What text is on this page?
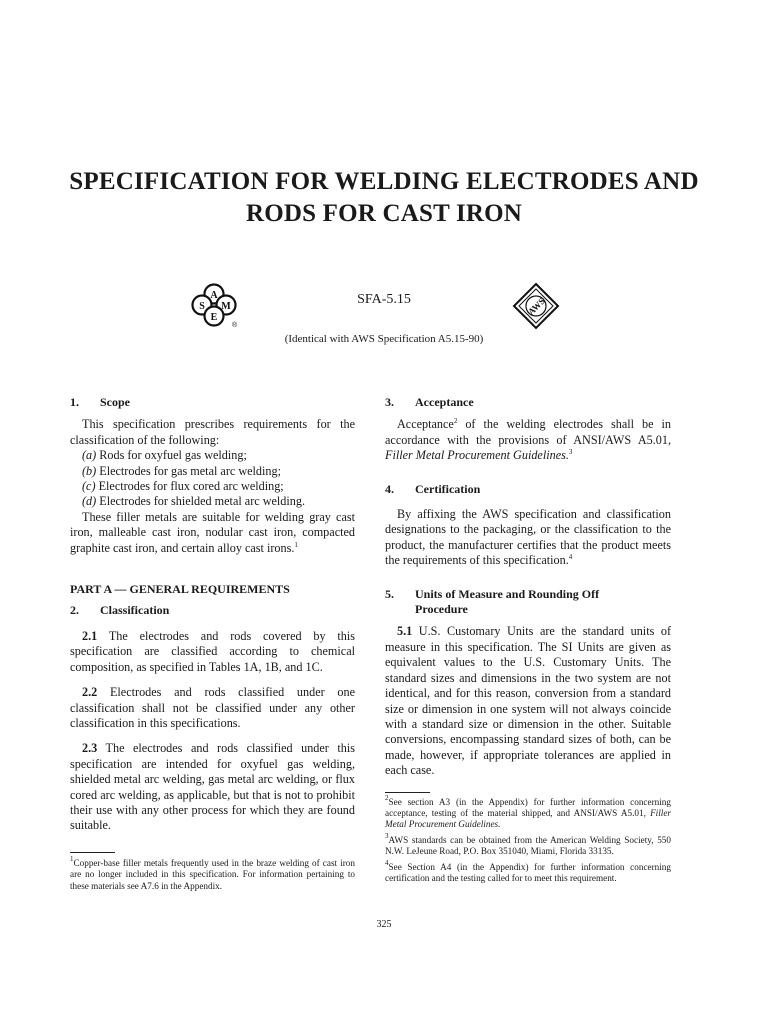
SPECIFICATION FOR WELDING ELECTRODES AND
RODS FOR CAST IRON
A
S M
E
®
SFA-5.15	AWS
(Identical with AWS Specification A5.15-90)
1.	Scope

This specification prescribes requirements for the classification of the following:

(a) Rods for oxyfuel gas welding;
(b) Electrodes for gas metal arc welding;
(c) Electrodes for flux cored arc welding;
(d) Electrodes for shielded metal arc welding.

These filler metals are suitable for welding gray cast iron, malleable cast iron, nodular cast iron, compacted graphite cast iron, and certain alloy cast irons.$^1$

PART A — GENERAL REQUIREMENTS
2.	Classification

2.1 The electrodes and rods covered by this specification are classified according to chemical composition, as specified in Tables 1A, 1B, and 1C.

2.2 Electrodes and rods classified under one classification shall not be classified under any other classification in this specifications.

2.3 The electrodes and rods classified under this specification are intended for oxyfuel gas welding, shielded metal arc welding, gas metal arc welding, or flux cored arc welding, as applicable, but that is not to prohibit their use with any other process for which they are found suitable.

$^1$Copper-base filler metals frequently used in the braze welding of cast iron are no longer included in this specification. For information pertaining to these materials see A7.6 in the Appendix.
3.	Acceptance

Acceptance$^2$ of the welding electrodes shall be in accordance with the provisions of ANSI/AWS A5.01, Filler Metal Procurement Guidelines.$^3$

4.	Certification

By affixing the AWS specification and classification designations to the packaging, or the classification to the product, the manufacturer certifies that the product meets the requirements of this specification.$^4$

5.	Units of Measure and Rounding Off
Procedure

5.1 U.S. Customary Units are the standard units of measure in this specification. The SI Units are given as equivalent values to the U.S. Customary Units. The standard sizes and dimensions in the two system are not identical, and for this reason, conversion from a standard size or dimension in one system will not always coincide with a standard size or dimension in the other. Suitable conversions, encompassing standard sizes of both, can be made, however, if appropriate tolerances are applied in each case.

$^2$See section A3 (in the Appendix) for further information concerning acceptance, testing of the material shipped, and ANSI/AWS A5.01, Filler Metal Procurement Guidelines.
$^3$AWS standards can be obtained from the American Welding Society, 550 N.W. LeJeune Road, P.O. Box 351040, Miami, Florida 33135.
$^4$See Section A4 (in the Appendix) for further information concerning certification and the testing called for to meet this requirement.
325
